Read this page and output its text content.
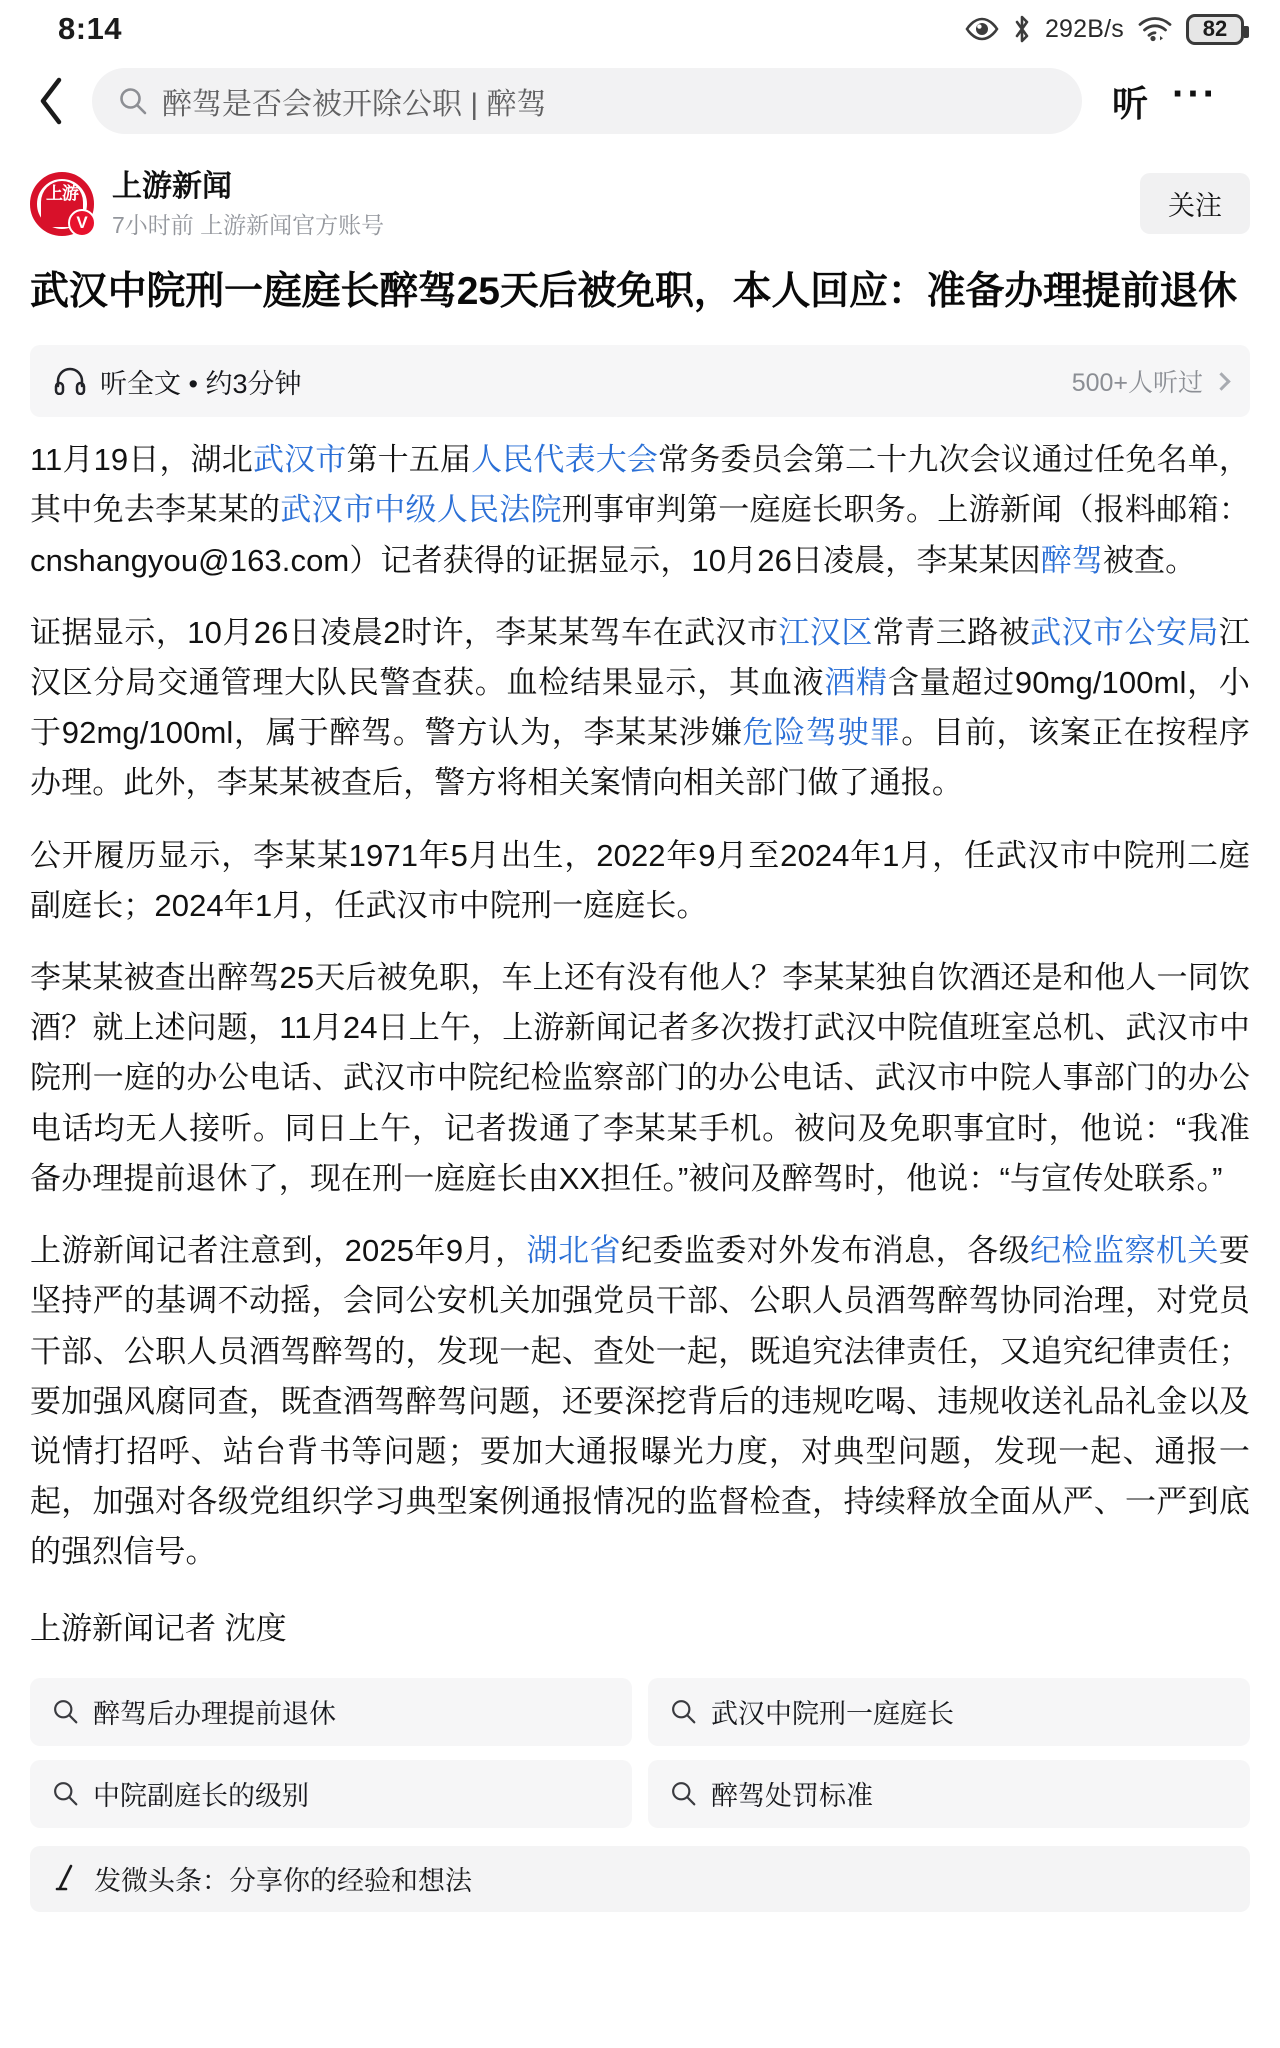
8:14	292B/s	82
醉驾是否会被开除公职 | 醉驾	听 ···
上游
V
上游新闻
7小时前 上游新闻官方账号
关注
武汉中院刑一庭庭长醉驾25天后被免职，本人回应：准备办理提前退休
听全文 • 约3分钟	500+人听过

11月19日，湖北武汉市第十五届人民代表大会常务委员会第二十九次会议通过任免名单，其中免去李某某的武汉市中级人民法院刑事审判第一庭庭长职务。上游新闻（报料邮箱：cnshangyou@163.com）记者获得的证据显示，10月26日凌晨，李某某因醉驾被查。

证据显示，10月26日凌晨2时许，李某某驾车在武汉市江汉区常青三路被武汉市公安局江汉区分局交通管理大队民警查获。血检结果显示，其血液酒精含量超过90mg/100ml，小于92mg/100ml，属于醉驾。警方认为，李某某涉嫌危险驾驶罪。目前，该案正在按程序办理。此外，李某某被查后，警方将相关案情向相关部门做了通报。

公开履历显示，李某某1971年5月出生，2022年9月至2024年1月，任武汉市中院刑二庭副庭长；2024年1月，任武汉市中院刑一庭庭长。

李某某被查出醉驾25天后被免职，车上还有没有他人？李某某独自饮酒还是和他人一同饮酒？就上述问题，11月24日上午，上游新闻记者多次拨打武汉中院值班室总机、武汉市中院刑一庭的办公电话、武汉市中院纪检监察部门的办公电话、武汉市中院人事部门的办公电话均无人接听。同日上午，记者拨通了李某某手机。被问及免职事宜时，他说：“我准备办理提前退休了，现在刑一庭庭长由XX担任。”被问及醉驾时，他说：“与宣传处联系。”

上游新闻记者注意到，2025年9月，湖北省纪委监委对外发布消息，各级纪检监察机关要坚持严的基调不动摇，会同公安机关加强党员干部、公职人员酒驾醉驾协同治理，对党员干部、公职人员酒驾醉驾的，发现一起、查处一起，既追究法律责任，又追究纪律责任；要加强风腐同查，既查酒驾醉驾问题，还要深挖背后的违规吃喝、违规收送礼品礼金以及说情打招呼、站台背书等问题；要加大通报曝光力度，对典型问题，发现一起、通报一起，加强对各级党组织学习典型案例通报情况的监督检查，持续释放全面从严、一严到底的强烈信号。

上游新闻记者 沈度

醉驾后办理提前退休	武汉中院刑一庭庭长
中院副庭长的级别	醉驾处罚标准
发微头条：分享你的经验和想法
